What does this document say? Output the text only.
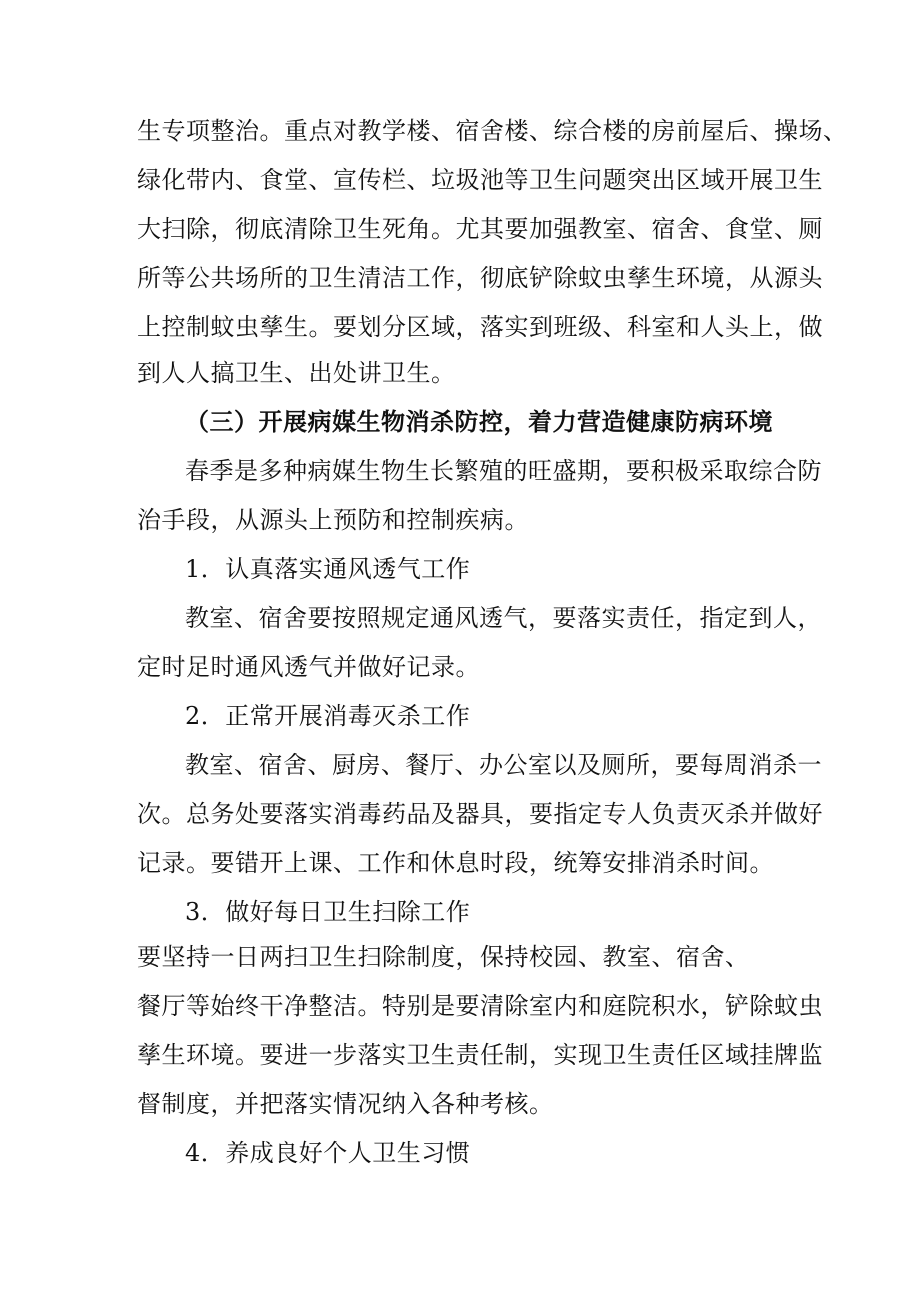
生专项整治。重点对教学楼、宿舍楼、综合楼的房前屋后、操场、
绿化带内、食堂、宣传栏、垃圾池等卫生问题突出区域开展卫生
大扫除，彻底清除卫生死角。尤其要加强教室、宿舍、食堂、厕
所等公共场所的卫生清洁工作，彻底铲除蚊虫孳生环境，从源头
上控制蚊虫孳生。要划分区域，落实到班级、科室和人头上，做
到人人搞卫生、出处讲卫生。
（三）开展病媒生物消杀防控，着力营造健康防病环境
春季是多种病媒生物生长繁殖的旺盛期，要积极采取综合防
治手段，从源头上预防和控制疾病。
1．认真落实通风透气工作
教室、宿舍要按照规定通风透气，要落实责任，指定到人，
定时足时通风透气并做好记录。
2．正常开展消毒灭杀工作
教室、宿舍、厨房、餐厅、办公室以及厕所，要每周消杀一
次。总务处要落实消毒药品及器具，要指定专人负责灭杀并做好
记录。要错开上课、工作和休息时段，统筹安排消杀时间。
3．做好每日卫生扫除工作
要坚持一日两扫卫生扫除制度，保持校园、教室、宿舍、
餐厅等始终干净整洁。特别是要清除室内和庭院积水，铲除蚊虫
孳生环境。要进一步落实卫生责任制，实现卫生责任区域挂牌监
督制度，并把落实情况纳入各种考核。
4．养成良好个人卫生习惯
